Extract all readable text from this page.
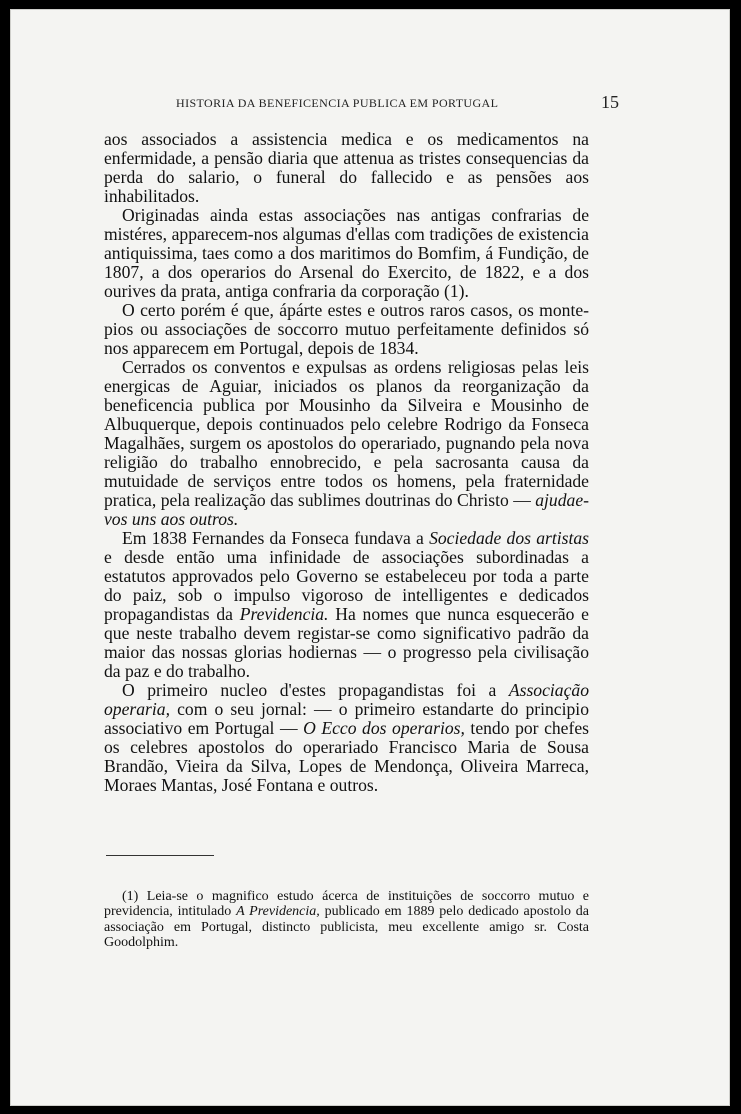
HISTORIA DA BENEFICENCIA PUBLICA EM PORTUGAL	15

aos associados a assistencia medica e os medicamentos na enfermidade, a pensão diaria que attenua as tristes consequencias da perda do salario, o funeral do fallecido e as pensões aos inhabilitados.

Originadas ainda estas associações nas antigas confrarias de mistéres, apparecem-nos algumas d'ellas com tradições de existencia antiquissima, taes como a dos maritimos do Bomfim, á Fundição, de 1807, a dos operarios do Arsenal do Exercito, de 1822, e a dos ourives da prata, antiga confraria da corporação (1).

O certo porém é que, ápárte estes e outros raros casos, os monte-pios ou associações de soccorro mutuo perfeitamente definidos só nos apparecem em Portugal, depois de 1834.

Cerrados os conventos e expulsas as ordens religiosas pelas leis energicas de Aguiar, iniciados os planos da reorganização da beneficencia publica por Mousinho da Silveira e Mousinho de Albuquerque, depois continuados pelo celebre Rodrigo da Fonseca Magalhães, surgem os apostolos do operariado, pugnando pela nova religião do trabalho ennobrecido, e pela sacrosanta causa da mutuidade de serviços entre todos os homens, pela fraternidade pratica, pela realização das sublimes doutrinas do Christo — ajudae-vos uns aos outros.

Em 1838 Fernandes da Fonseca fundava a Sociedade dos artistas e desde então uma infinidade de associações subordinadas a estatutos approvados pelo Governo se estabeleceu por toda a parte do paiz, sob o impulso vigoroso de intelligentes e dedicados propagandistas da Previdencia. Ha nomes que nunca esquecerão e que neste trabalho devem registar-se como significativo padrão da maior das nossas glorias hodiernas — o progresso pela civilisação da paz e do trabalho.

O primeiro nucleo d'estes propagandistas foi a Associação operaria, com o seu jornal: — o primeiro estandarte do principio associativo em Portugal — O Ecco dos operarios, tendo por chefes os celebres apostolos do operariado Francisco Maria de Sousa Brandão, Vieira da Silva, Lopes de Mendonça, Oliveira Marreca, Moraes Mantas, José Fontana e outros.

(1) Leia-se o magnifico estudo ácerca de instituições de soccorro mutuo e previdencia, intitulado A Previdencia, publicado em 1889 pelo dedicado apostolo da associação em Portugal, distincto publicista, meu excellente amigo sr. Costa Goodolphim.
